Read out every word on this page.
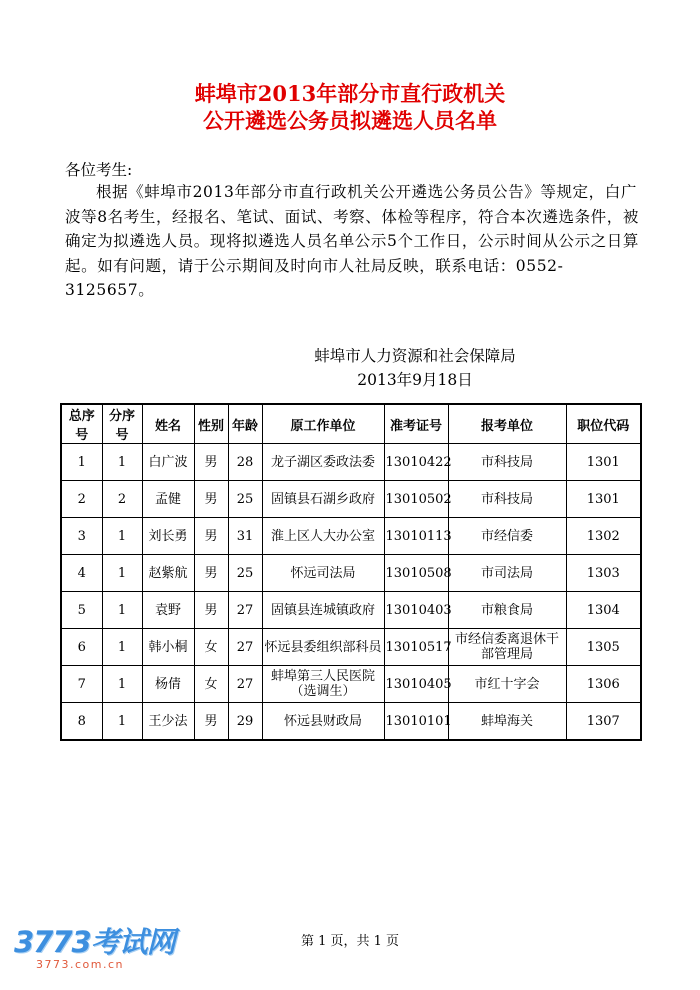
蚌埠市2013年部分市直行政机关
公开遴选公务员拟遴选人员名单
各位考生:
根据《蚌埠市2013年部分市直行政机关公开遴选公务员公告》等规定，白广波等8名考生，经报名、笔试、面试、考察、体检等程序，符合本次遴选条件，被确定为拟遴选人员。现将拟遴选人员名单公示5个工作日，公示时间从公示之日算起。如有问题，请于公示期间及时向市人社局反映，联系电话：0552-3125657。
蚌埠市人力资源和社会保障局
2013年9月18日
总序号	分序号	姓名	性别	年龄	原工作单位	准考证号	报考单位	职位代码
1	1	白广波	男	28	龙子湖区委政法委	13010422	市科技局	1301
2	2	孟健	男	25	固镇县石湖乡政府	13010502	市科技局	1301
3	1	刘长勇	男	31	淮上区人大办公室	13010113	市经信委	1302
4	1	赵紫航	男	25	怀远司法局	13010508	市司法局	1303
5	1	袁野	男	27	固镇县连城镇政府	13010403	市粮食局	1304
6	1	韩小桐	女	27	怀远县委组织部科员	13010517	市经信委离退休干部管理局	1305
7	1	杨倩	女	27	蚌埠第三人民医院（选调生）	13010405	市红十字会	1306
8	1	王少法	男	29	怀远县财政局	13010101	蚌埠海关	1307
第 1 页，共 1 页
3773考试网
3773.com.cn
